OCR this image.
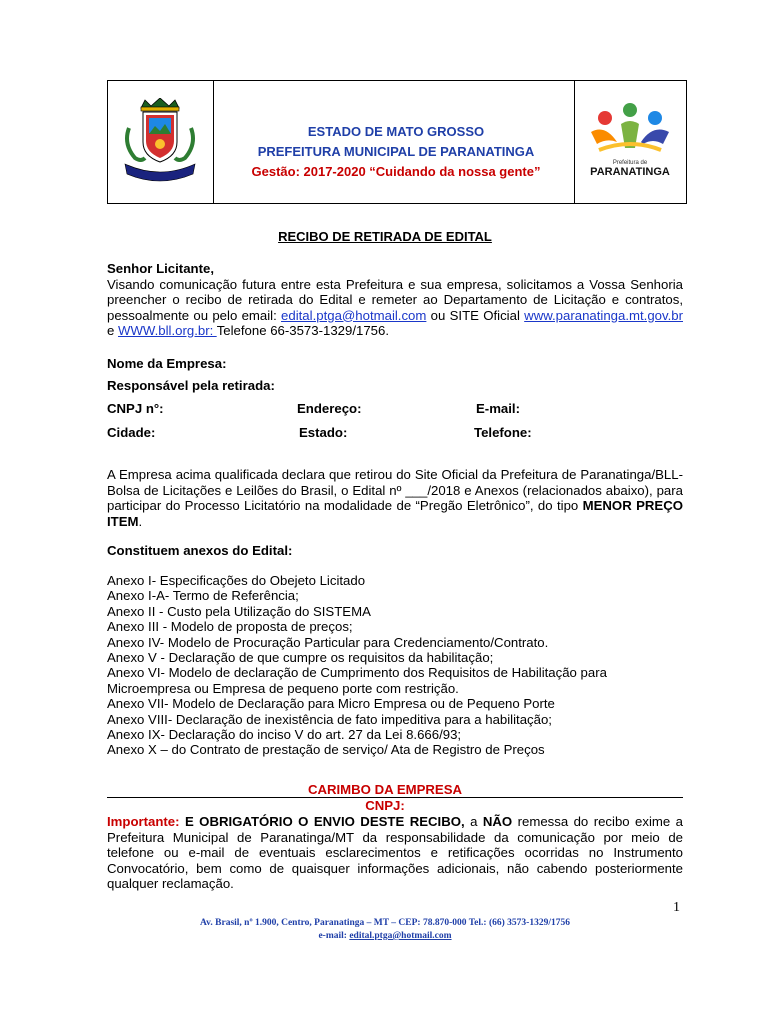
ESTADO DE MATO GROSSO
PREFEITURA MUNICIPAL DE PARANATINGA
Gestão: 2017-2020 “Cuidando da nossa gente”
Prefeitura de
PARANATINGA
RECIBO DE RETIRADA DE EDITAL
Senhor Licitante,
Visando comunicação futura entre esta Prefeitura e sua empresa, solicitamos a Vossa Senhoria preencher o recibo de retirada do Edital e remeter ao Departamento de Licitação e contratos, pessoalmente ou pelo email: edital.ptga@hotmail.com ou SITE Oficial www.paranatinga.mt.gov.br e WWW.bll.org.br: Telefone 66-3573-1329/1756.
Nome da Empresa:
Responsável pela retirada:
CNPJ n°:	Endereço:	E-mail:
Cidade:	Estado:	Telefone:
A Empresa acima qualificada declara que retirou do Site Oficial da Prefeitura de Paranatinga/BLL- Bolsa de Licitações e Leilões do Brasil, o Edital nº ___/2018 e Anexos (relacionados abaixo), para participar do Processo Licitatório na modalidade de “Pregão Eletrônico”, do tipo MENOR PREÇO ITEM.
Constituem anexos do Edital:
Anexo I- Especificações do Obejeto Licitado
Anexo I-A- Termo de Referência;
Anexo II - Custo pela Utilização do SISTEMA
Anexo III - Modelo de proposta de preços;
Anexo IV- Modelo de Procuração Particular para Credenciamento/Contrato.
Anexo V - Declaração de que cumpre os requisitos da habilitação;
Anexo VI- Modelo de declaração de Cumprimento dos Requisitos de Habilitação para
Microempresa ou Empresa de pequeno porte com restrição.
Anexo VII- Modelo de Declaração para Micro Empresa ou de Pequeno Porte
Anexo VIII- Declaração de inexistência de fato impeditiva para a habilitação;
Anexo IX- Declaração do inciso V do art. 27 da Lei 8.666/93;
Anexo X – do Contrato de prestação de serviço/ Ata de Registro de Preços
CARIMBO DA EMPRESA
CNPJ:
Importante: E OBRIGATÓRIO O ENVIO DESTE RECIBO, a NÃO remessa do recibo exime a Prefeitura Municipal de Paranatinga/MT da responsabilidade da comunicação por meio de telefone ou e-mail de eventuais esclarecimentos e retificações ocorridas no Instrumento Convocatório, bem como de quaisquer informações adicionais, não cabendo posteriormente qualquer reclamação.
1
Av. Brasil, nº 1.900, Centro, Paranatinga – MT – CEP: 78.870-000 Tel.: (66) 3573-1329/1756
e-mail: edital.ptga@hotmail.com
